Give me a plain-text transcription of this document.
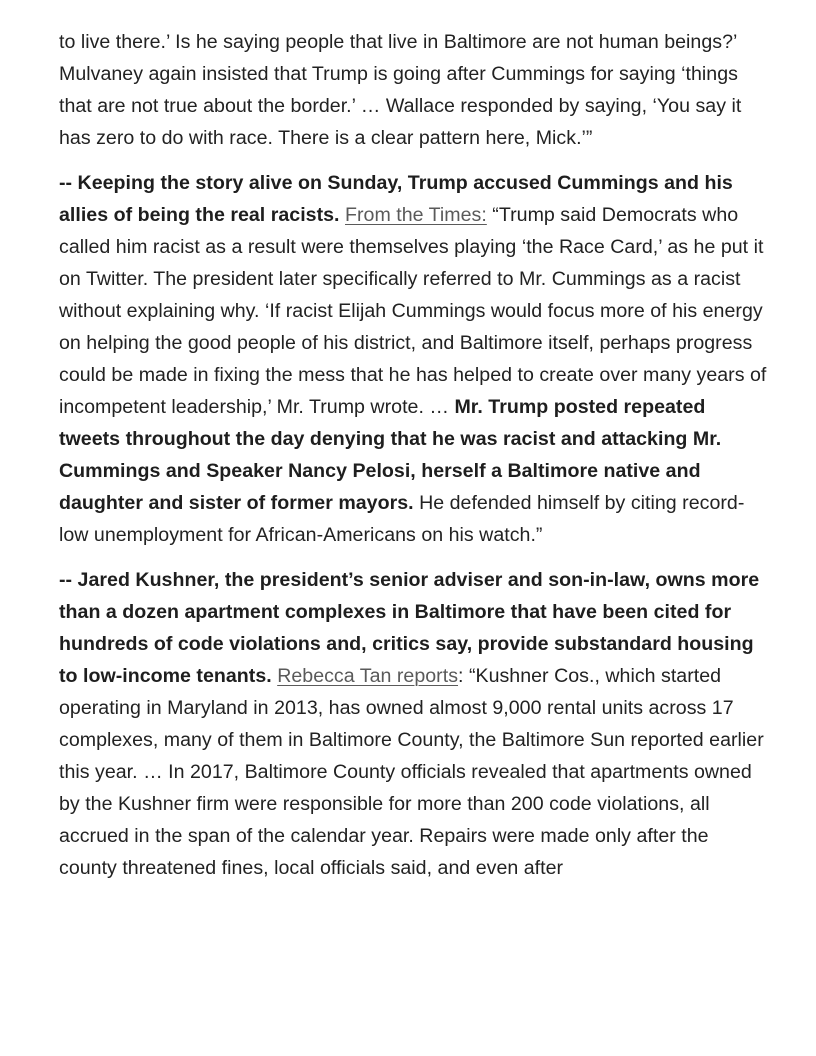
to live there.’ Is he saying people that live in Baltimore are not human beings?’ Mulvaney again insisted that Trump is going after Cummings for saying ‘things that are not true about the border.’ … Wallace responded by saying, ‘You say it has zero to do with race. There is a clear pattern here, Mick.’”

-- Keeping the story alive on Sunday, Trump accused Cummings and his allies of being the real racists. From the Times: “Trump said Democrats who called him racist as a result were themselves playing ‘the Race Card,’ as he put it on Twitter. The president later specifically referred to Mr. Cummings as a racist without explaining why. ‘If racist Elijah Cummings would focus more of his energy on helping the good people of his district, and Baltimore itself, perhaps progress could be made in fixing the mess that he has helped to create over many years of incompetent leadership,’ Mr. Trump wrote. … Mr. Trump posted repeated tweets throughout the day denying that he was racist and attacking Mr. Cummings and Speaker Nancy Pelosi, herself a Baltimore native and daughter and sister of former mayors. He defended himself by citing record-low unemployment for African-Americans on his watch.”

-- Jared Kushner, the president’s senior adviser and son-in-law, owns more than a dozen apartment complexes in Baltimore that have been cited for hundreds of code violations and, critics say, provide substandard housing to low-income tenants. Rebecca Tan reports: “Kushner Cos., which started operating in Maryland in 2013, has owned almost 9,000 rental units across 17 complexes, many of them in Baltimore County, the Baltimore Sun reported earlier this year. … In 2017, Baltimore County officials revealed that apartments owned by the Kushner firm were responsible for more than 200 code violations, all accrued in the span of the calendar year. Repairs were made only after the county threatened fines, local officials said, and even after
